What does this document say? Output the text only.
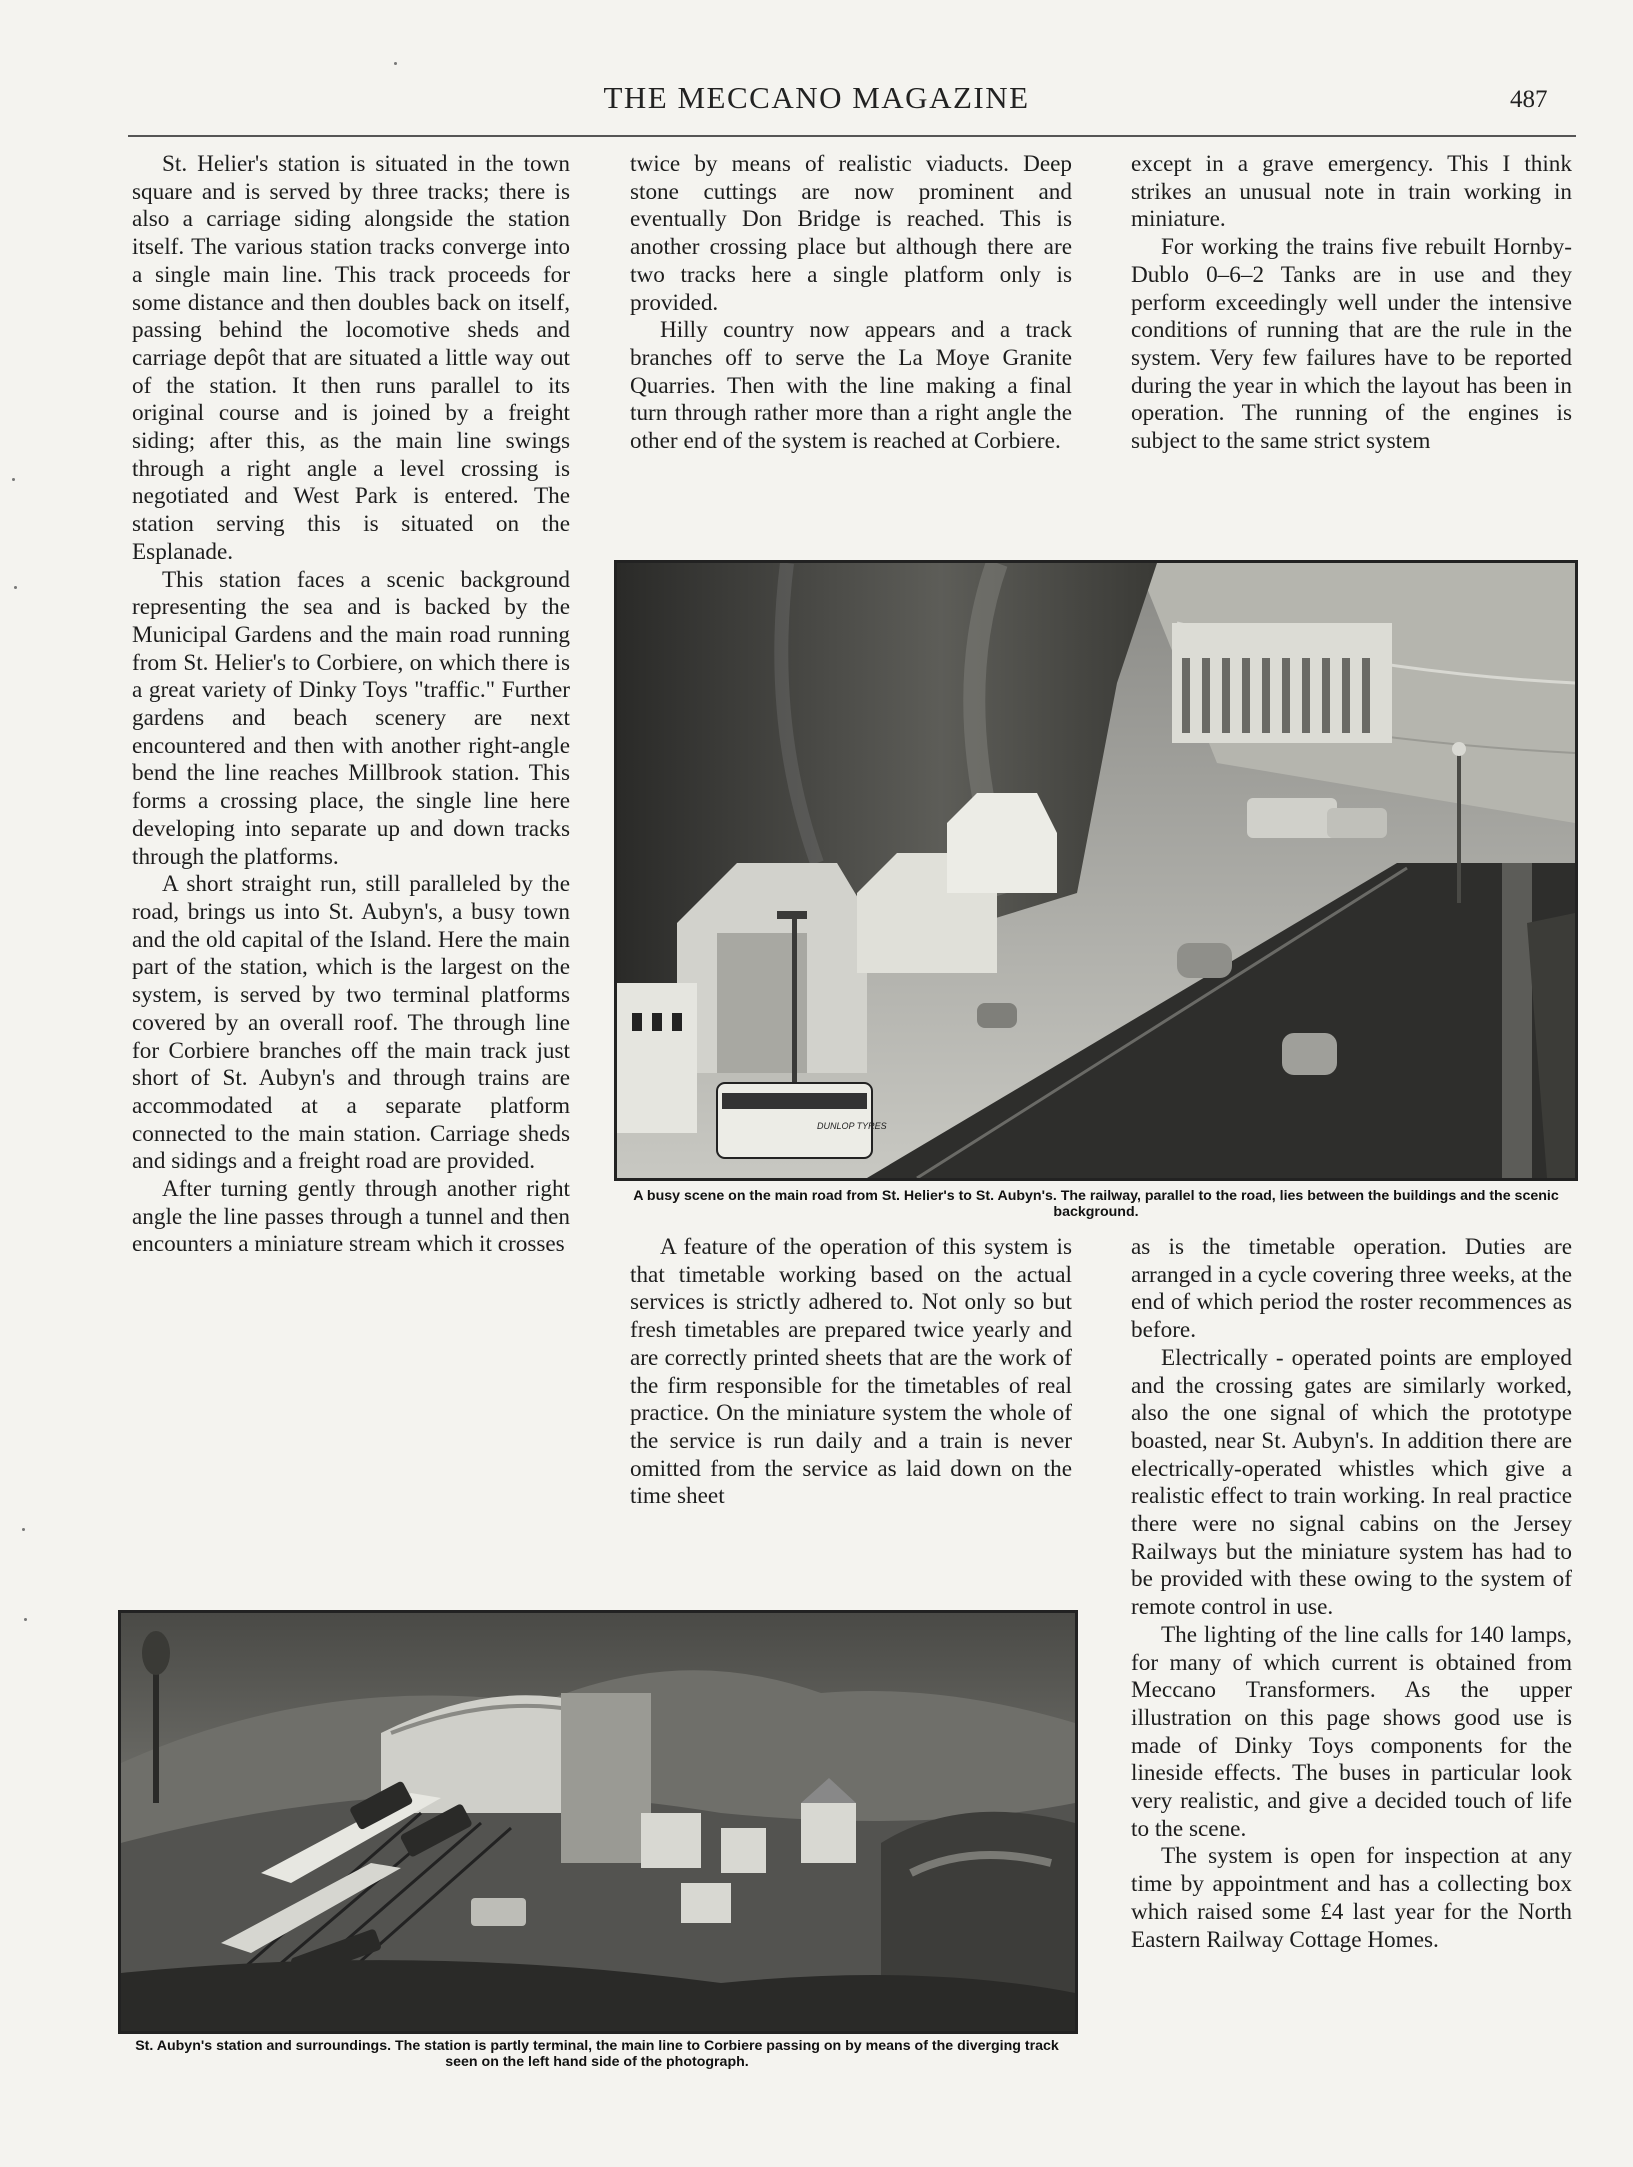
THE MECCANO MAGAZINE	487

St. Helier's station is situated in the town square and is served by three tracks; there is also a carriage siding alongside the station itself. The various station tracks converge into a single main line. This track proceeds for some distance and then doubles back on itself, passing behind the locomotive sheds and carriage depôt that are situated a little way out of the station. It then runs parallel to its original course and is joined by a freight siding; after this, as the main line swings through a right angle a level crossing is negotiated and West Park is entered. The station serving this is situated on the Esplanade.

This station faces a scenic background representing the sea and is backed by the Municipal Gardens and the main road running from St. Helier's to Corbiere, on which there is a great variety of Dinky Toys "traffic." Further gardens and beach scenery are next encountered and then with another right-angle bend the line reaches Millbrook station. This forms a crossing place, the single line here developing into separate up and down tracks through the platforms.

A short straight run, still paralleled by the road, brings us into St. Aubyn's, a busy town and the old capital of the Island. Here the main part of the station, which is the largest on the system, is served by two terminal platforms covered by an overall roof. The through line for Corbiere branches off the main track just short of St. Aubyn's and through trains are accommodated at a separate platform connected to the main station. Carriage sheds and sidings and a freight road are provided.

After turning gently through another right angle the line passes through a tunnel and then encounters a miniature stream which it crosses

twice by means of realistic viaducts. Deep stone cuttings are now prominent and eventually Don Bridge is reached. This is another crossing place but although there are two tracks here a single platform only is provided.

Hilly country now appears and a track branches off to serve the La Moye Granite Quarries. Then with the line making a final turn through rather more than a right angle the other end of the system is reached at Corbiere.

except in a grave emergency. This I think strikes an unusual note in train working in miniature.

For working the trains five rebuilt Hornby-Dublo 0–6–2 Tanks are in use and they perform exceedingly well under the intensive conditions of running that are the rule in the system. Very few failures have to be reported during the year in which the layout has been in operation. The running of the engines is subject to the same strict system

DUNLOP TYRES
A busy scene on the main road from St. Helier's to St. Aubyn's. The railway, parallel to the road, lies between the buildings and the scenic background.

A feature of the operation of this system is that timetable working based on the actual services is strictly adhered to. Not only so but fresh timetables are prepared twice yearly and are correctly printed sheets that are the work of the firm responsible for the timetables of real practice. On the miniature system the whole of the service is run daily and a train is never omitted from the service as laid down on the time sheet

as is the timetable operation. Duties are arranged in a cycle covering three weeks, at the end of which period the roster recommences as before.

Electrically - operated points are employed and the crossing gates are similarly worked, also the one signal of which the prototype boasted, near St. Aubyn's. In addition there are electrically-operated whistles which give a realistic effect to train working. In real practice there were no signal cabins on the Jersey Railways but the miniature system has had to be provided with these owing to the system of remote control in use.

The lighting of the line calls for 140 lamps, for many of which current is obtained from Meccano Transformers. As the upper illustration on this page shows good use is made of Dinky Toys components for the lineside effects. The buses in particular look very realistic, and give a decided touch of life to the scene.

The system is open for inspection at any time by appointment and has a collecting box which raised some £4 last year for the North Eastern Railway Cottage Homes.

St. Aubyn's station and surroundings. The station is partly terminal, the main line to Corbiere passing on by means of the diverging track seen on the left hand side of the photograph.
